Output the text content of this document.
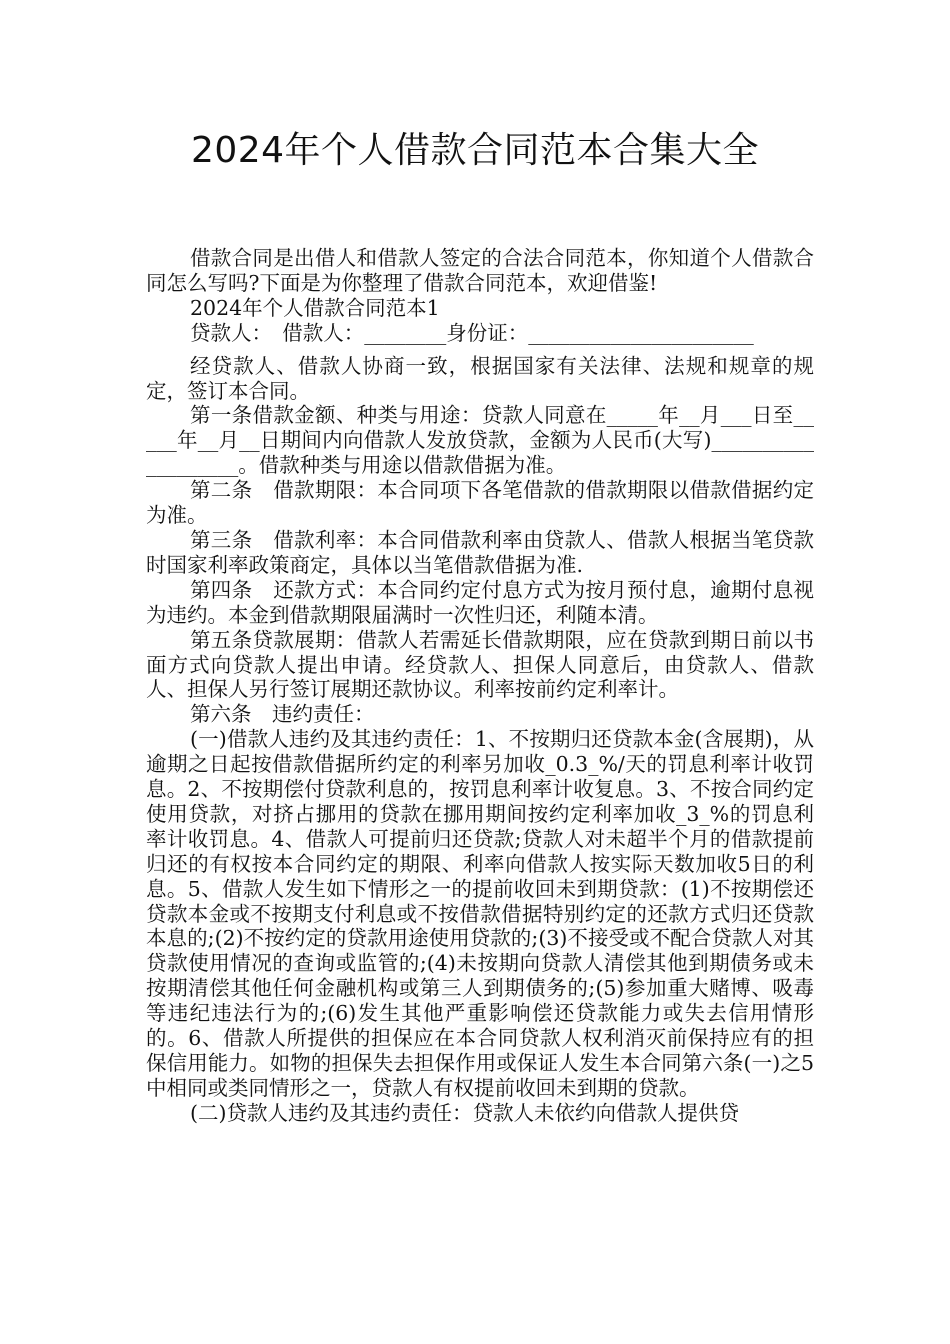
2024年个人借款合同范本合集大全

借款合同是出借人和借款人签定的合法合同范本，你知道个人借款合同怎么写吗?下面是为你整理了借款合同范本，欢迎借鉴!

2024年个人借款合同范本1

贷款人：　借款人：________身份证：______________________

经贷款人、借款人协商一致，根据国家有关法律、法规和规章的规定，签订本合同。

第一条借款金额、种类与用途：贷款人同意在_____年__月___日至_____年__月__日期间内向借款人发放贷款，金额为人民币(大写)___________________。借款种类与用途以借款借据为准。

第二条　借款期限：本合同项下各笔借款的借款期限以借款借据约定为准。

第三条　借款利率：本合同借款利率由贷款人、借款人根据当笔贷款时国家利率政策商定，具体以当笔借款借据为准.

第四条　还款方式：本合同约定付息方式为按月预付息，逾期付息视为违约。本金到借款期限届满时一次性归还，利随本清。

第五条贷款展期：借款人若需延长借款期限，应在贷款到期日前以书面方式向贷款人提出申请。经贷款人、担保人同意后，由贷款人、借款人、担保人另行签订展期还款协议。利率按前约定利率计。

第六条　违约责任：

(一)借款人违约及其违约责任：1、不按期归还贷款本金(含展期)，从逾期之日起按借款借据所约定的利率另加收_0.3_%/天的罚息利率计收罚息。2、不按期偿付贷款利息的，按罚息利率计收复息。3、不按合同约定使用贷款，对挤占挪用的贷款在挪用期间按约定利率加收_3_%的罚息利率计收罚息。4、借款人可提前归还贷款;贷款人对未超半个月的借款提前归还的有权按本合同约定的期限、利率向借款人按实际天数加收5日的利息。5、借款人发生如下情形之一的提前收回未到期贷款：(1)不按期偿还贷款本金或不按期支付利息或不按借款借据特别约定的还款方式归还贷款本息的;(2)不按约定的贷款用途使用贷款的;(3)不接受或不配合贷款人对其贷款使用情况的查询或监管的;(4)未按期向贷款人清偿其他到期债务或未按期清偿其他任何金融机构或第三人到期债务的;(5)参加重大赌博、吸毒等违纪违法行为的;(6)发生其他严重影响偿还贷款能力或失去信用情形的。6、借款人所提供的担保应在本合同贷款人权利消灭前保持应有的担保信用能力。如物的担保失去担保作用或保证人发生本合同第六条(一)之5中相同或类同情形之一，贷款人有权提前收回未到期的贷款。

(二)贷款人违约及其违约责任：贷款人未依约向借款人提供贷
